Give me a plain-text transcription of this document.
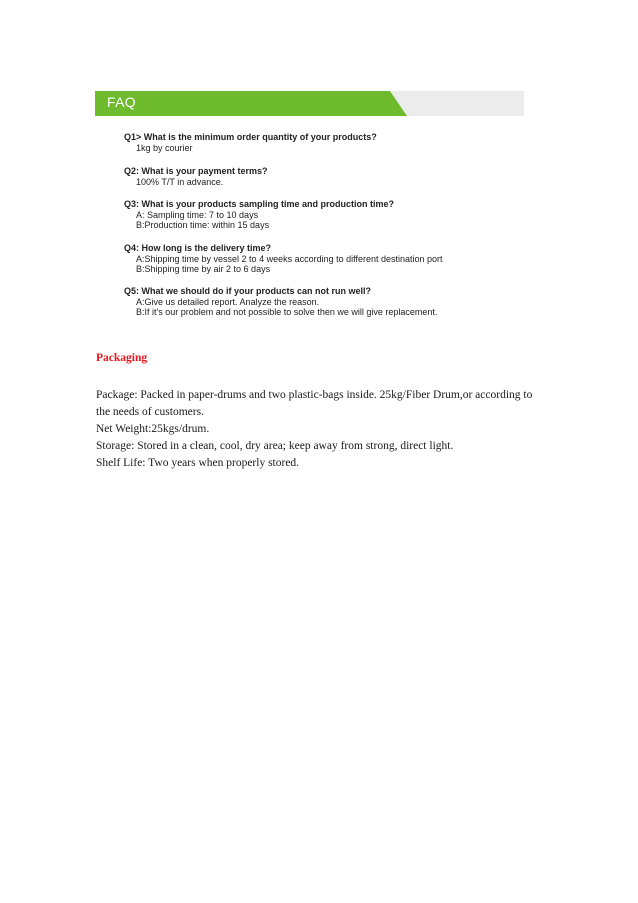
FAQ
Q1> What is the minimum order quantity of your products?
1kg by courier
Q2: What is your payment terms?
100% T/T in advance.
Q3: What is your products sampling time and production time?
A: Sampling time: 7 to 10 days
B:Production time: within 15 days
Q4: How long is the delivery time?
A:Shipping time by vessel 2 to 4 weeks according to different destination port
B:Shipping time by air 2 to 6 days
Q5: What we should do if your products can not run well?
A:Give us detailed report. Analyze the reason.
B:If it's our problem and not possible to solve then we will give replacement.
Packaging

Package: Packed in paper-drums and two plastic-bags inside. 25kg/Fiber Drum,or according to the needs of customers.

Net Weight:25kgs/drum.

Storage: Stored in a clean, cool, dry area; keep away from strong, direct light.

Shelf Life: Two years when properly stored.
